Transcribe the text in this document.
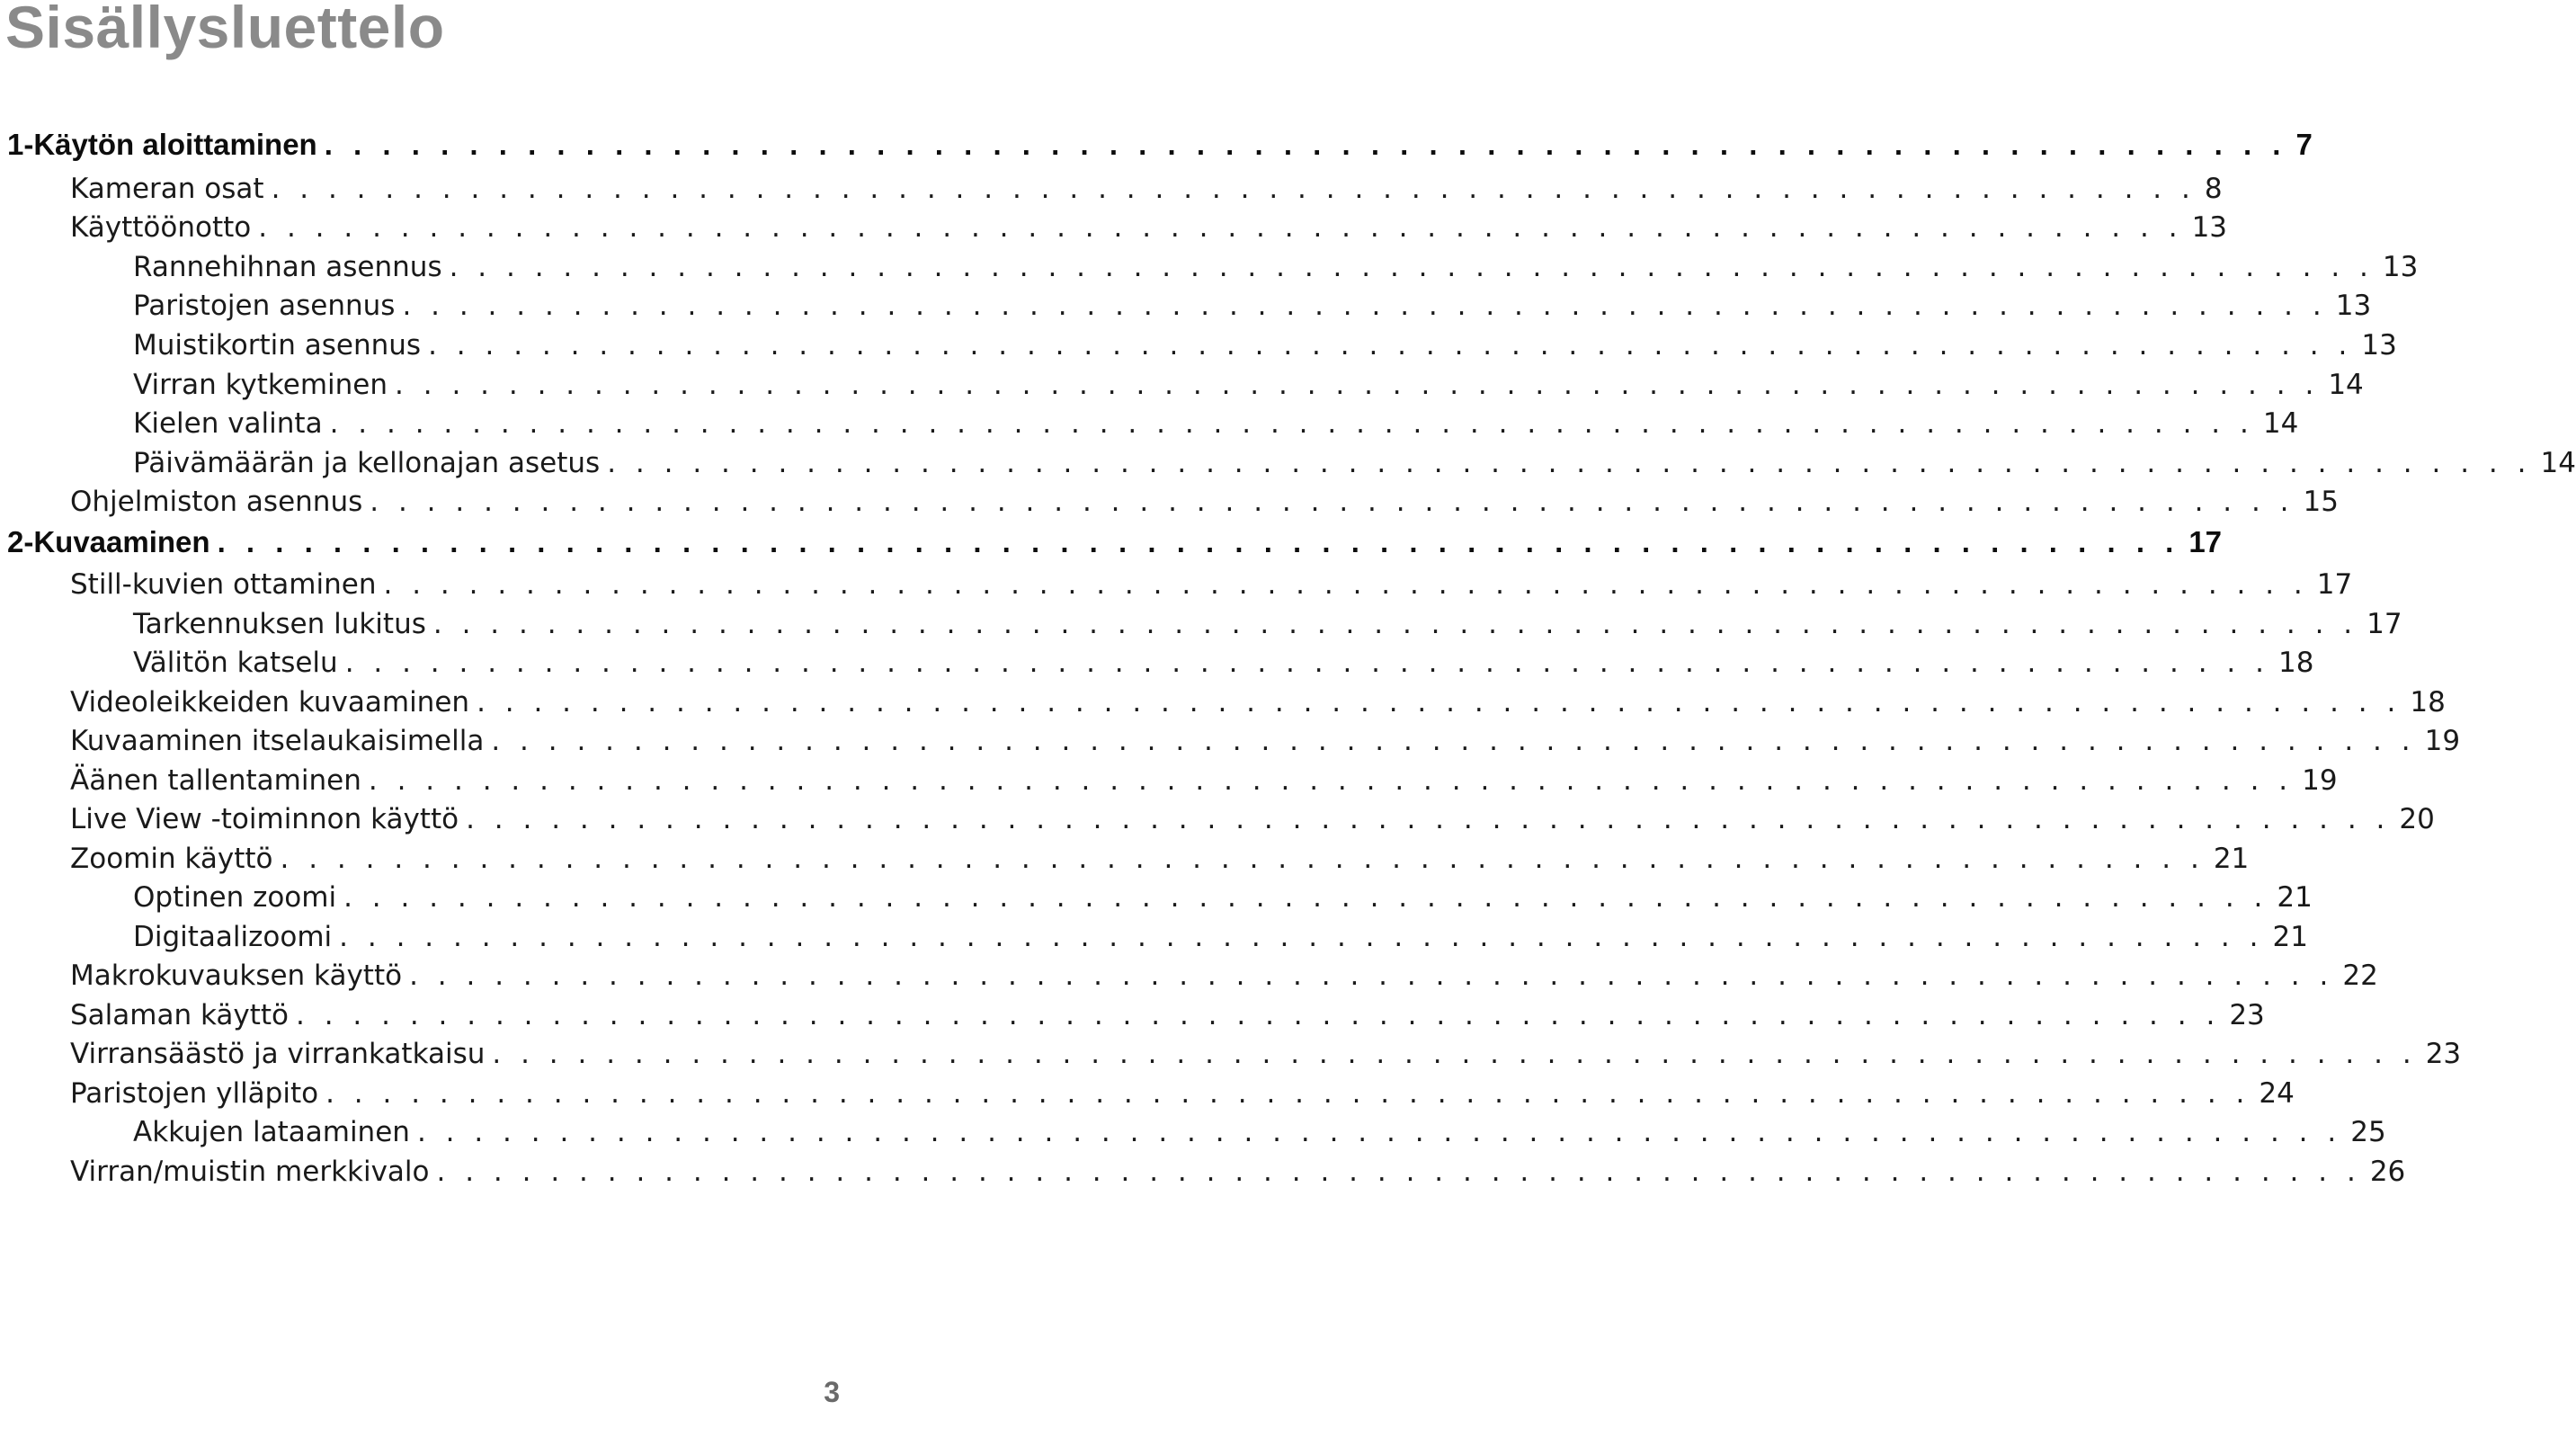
Sisällysluettelo
1-Käytön aloittaminen . . . . . . . . . . . . . . . . . . . . . . . . . . . . . . . . . . . . . . . . . . . . . . . . . . . . . . . . . . . . . . . . . . . . 7
Kameran osat . . . . . . . . . . . . . . . . . . . . . . . . . . . . . . . . . . . . . . . . . . . . . . . . . . . . . . . . . . . . . . . . . . . . 8
Käyttöönotto . . . . . . . . . . . . . . . . . . . . . . . . . . . . . . . . . . . . . . . . . . . . . . . . . . . . . . . . . . . . . . . . . . . . 13
Rannehihnan asennus . . . . . . . . . . . . . . . . . . . . . . . . . . . . . . . . . . . . . . . . . . . . . . . . . . . . . . . . . . . . . . . . . . . . 13
Paristojen asennus . . . . . . . . . . . . . . . . . . . . . . . . . . . . . . . . . . . . . . . . . . . . . . . . . . . . . . . . . . . . . . . . . . . . 13
Muistikortin asennus . . . . . . . . . . . . . . . . . . . . . . . . . . . . . . . . . . . . . . . . . . . . . . . . . . . . . . . . . . . . . . . . . . . . 13
Virran kytkeminen . . . . . . . . . . . . . . . . . . . . . . . . . . . . . . . . . . . . . . . . . . . . . . . . . . . . . . . . . . . . . . . . . . . . 14
Kielen valinta . . . . . . . . . . . . . . . . . . . . . . . . . . . . . . . . . . . . . . . . . . . . . . . . . . . . . . . . . . . . . . . . . . . . 14
Päivämäärän ja kellonajan asetus . . . . . . . . . . . . . . . . . . . . . . . . . . . . . . . . . . . . . . . . . . . . . . . . . . . . . . . . . . . . . . . . . . . . 14
Ohjelmiston asennus . . . . . . . . . . . . . . . . . . . . . . . . . . . . . . . . . . . . . . . . . . . . . . . . . . . . . . . . . . . . . . . . . . . . 15
2-Kuvaaminen . . . . . . . . . . . . . . . . . . . . . . . . . . . . . . . . . . . . . . . . . . . . . . . . . . . . . . . . . . . . . . . . . . . . 17
Still-kuvien ottaminen . . . . . . . . . . . . . . . . . . . . . . . . . . . . . . . . . . . . . . . . . . . . . . . . . . . . . . . . . . . . . . . . . . . . 17
Tarkennuksen lukitus . . . . . . . . . . . . . . . . . . . . . . . . . . . . . . . . . . . . . . . . . . . . . . . . . . . . . . . . . . . . . . . . . . . . 17
Välitön katselu . . . . . . . . . . . . . . . . . . . . . . . . . . . . . . . . . . . . . . . . . . . . . . . . . . . . . . . . . . . . . . . . . . . . 18
Videoleikkeiden kuvaaminen . . . . . . . . . . . . . . . . . . . . . . . . . . . . . . . . . . . . . . . . . . . . . . . . . . . . . . . . . . . . . . . . . . . . 18
Kuvaaminen itselaukaisimella . . . . . . . . . . . . . . . . . . . . . . . . . . . . . . . . . . . . . . . . . . . . . . . . . . . . . . . . . . . . . . . . . . . . 19
Äänen tallentaminen . . . . . . . . . . . . . . . . . . . . . . . . . . . . . . . . . . . . . . . . . . . . . . . . . . . . . . . . . . . . . . . . . . . . 19
Live View -toiminnon käyttö . . . . . . . . . . . . . . . . . . . . . . . . . . . . . . . . . . . . . . . . . . . . . . . . . . . . . . . . . . . . . . . . . . . . 20
Zoomin käyttö . . . . . . . . . . . . . . . . . . . . . . . . . . . . . . . . . . . . . . . . . . . . . . . . . . . . . . . . . . . . . . . . . . . . 21
Optinen zoomi . . . . . . . . . . . . . . . . . . . . . . . . . . . . . . . . . . . . . . . . . . . . . . . . . . . . . . . . . . . . . . . . . . . . 21
Digitaalizoomi . . . . . . . . . . . . . . . . . . . . . . . . . . . . . . . . . . . . . . . . . . . . . . . . . . . . . . . . . . . . . . . . . . . . 21
Makrokuvauksen käyttö . . . . . . . . . . . . . . . . . . . . . . . . . . . . . . . . . . . . . . . . . . . . . . . . . . . . . . . . . . . . . . . . . . . . 22
Salaman käyttö . . . . . . . . . . . . . . . . . . . . . . . . . . . . . . . . . . . . . . . . . . . . . . . . . . . . . . . . . . . . . . . . . . . . 23
Virransäästö ja virrankatkaisu . . . . . . . . . . . . . . . . . . . . . . . . . . . . . . . . . . . . . . . . . . . . . . . . . . . . . . . . . . . . . . . . . . . . 23
Paristojen ylläpito . . . . . . . . . . . . . . . . . . . . . . . . . . . . . . . . . . . . . . . . . . . . . . . . . . . . . . . . . . . . . . . . . . . . 24
Akkujen lataaminen . . . . . . . . . . . . . . . . . . . . . . . . . . . . . . . . . . . . . . . . . . . . . . . . . . . . . . . . . . . . . . . . . . . . 25
Virran/muistin merkkivalo . . . . . . . . . . . . . . . . . . . . . . . . . . . . . . . . . . . . . . . . . . . . . . . . . . . . . . . . . . . . . . . . . . . . 26
3
